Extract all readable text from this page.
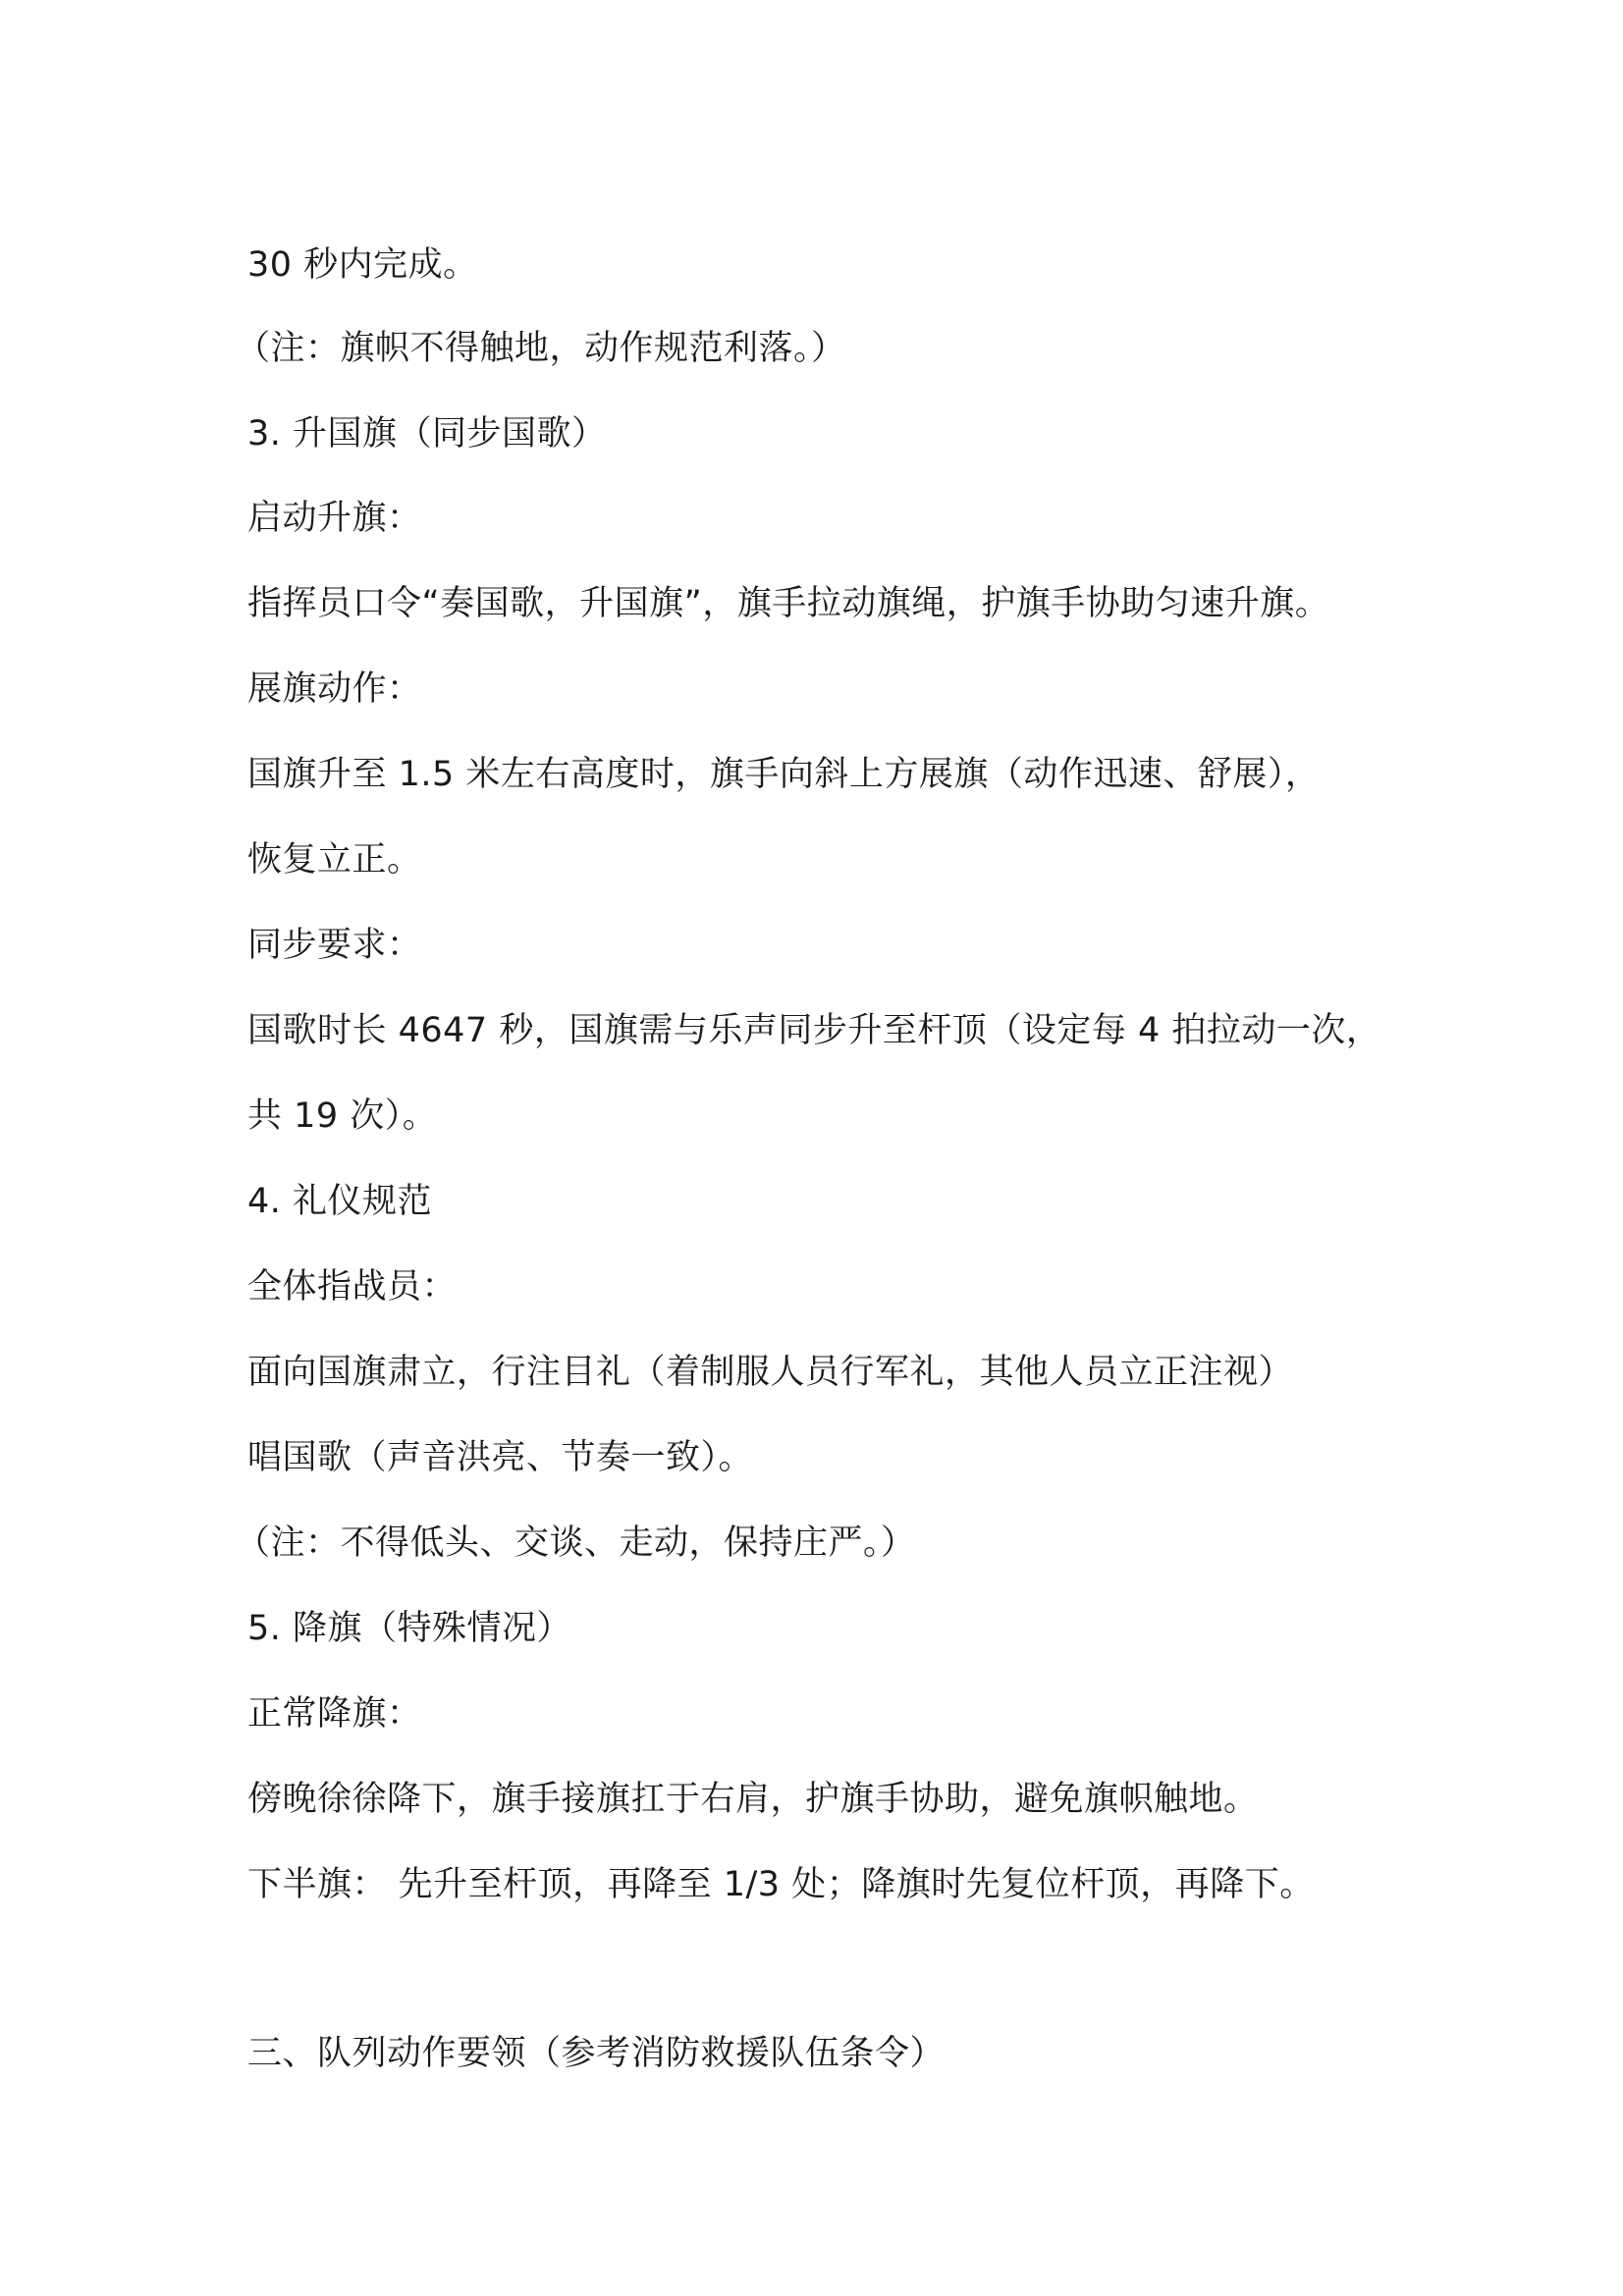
30 秒内完成。

（注：旗帜不得触地，动作规范利落。）

3. 升国旗（同步国歌）

启动升旗：

指挥员口令“奏国歌，升国旗”，旗手拉动旗绳，护旗手协助匀速升旗。

展旗动作：

国旗升至 1.5 米左右高度时，旗手向斜上方展旗（动作迅速、舒展），

恢复立正。

同步要求：

国歌时长 4647 秒，国旗需与乐声同步升至杆顶（设定每 4 拍拉动一次，

共 19 次）。

4. 礼仪规范

全体指战员：

面向国旗肃立，行注目礼（着制服人员行军礼，其他人员立正注视）

唱国歌（声音洪亮、节奏一致）。

（注：不得低头、交谈、走动，保持庄严。）

5. 降旗（特殊情况）

正常降旗：

傍晚徐徐降下，旗手接旗扛于右肩，护旗手协助，避免旗帜触地。

下半旗： 先升至杆顶，再降至 1/3 处；降旗时先复位杆顶，再降下。

三、队列动作要领（参考消防救援队伍条令）
